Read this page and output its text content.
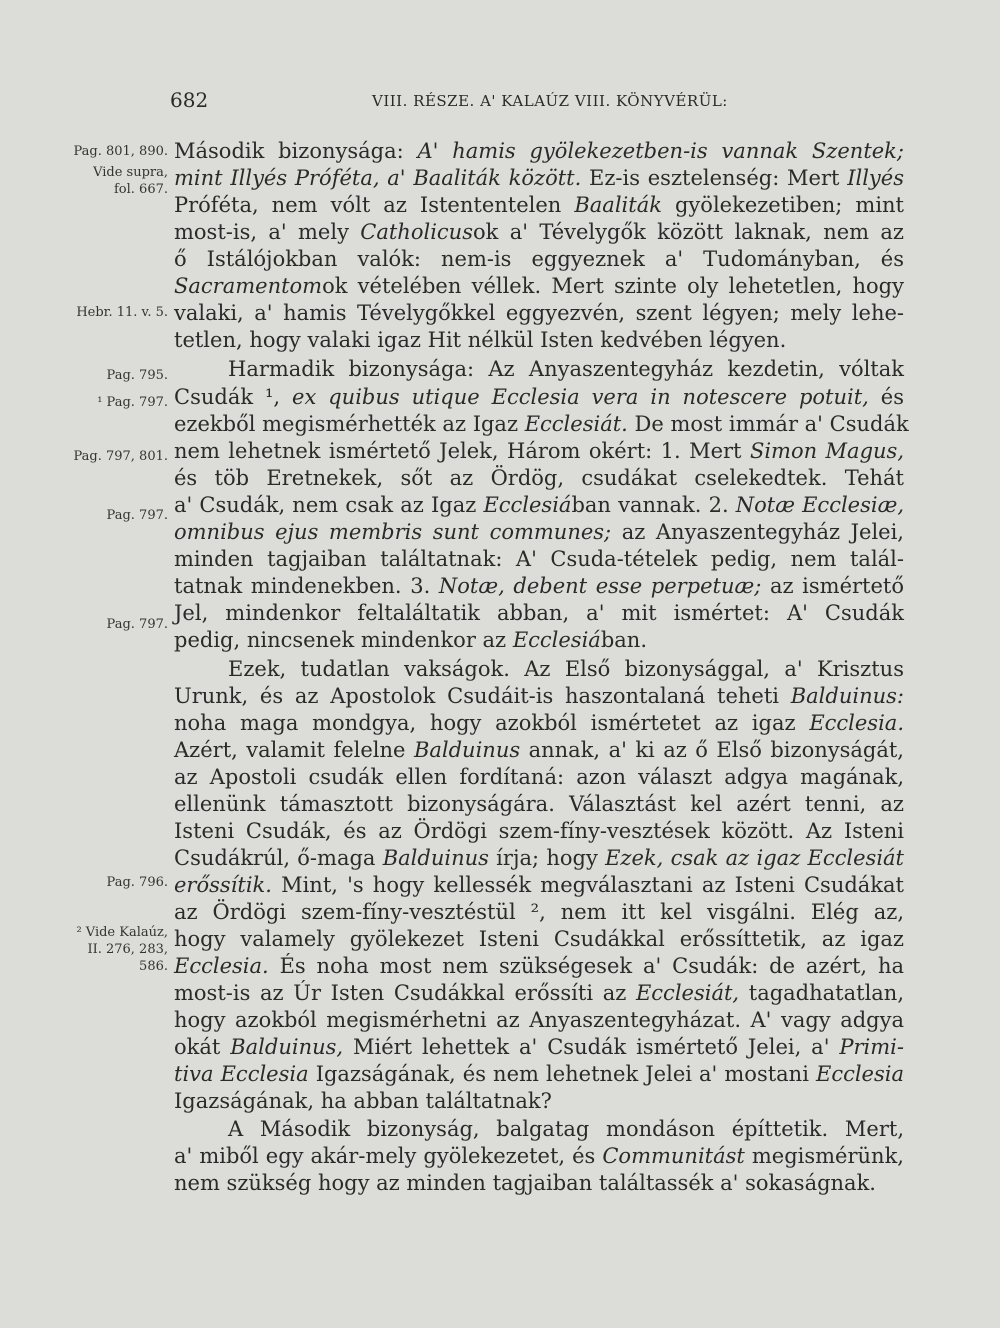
682	VIII. RÉSZE. A' KALAÚZ VIII. KÖNYVÉRÜL:
Pag. 801, 890.
Vide supra,
fol. 667.
Hebr. 11. v. 5.
Pag. 795.
¹ Pag. 797.
Pag. 797, 801.
Pag. 797.
Pag. 797.
Pag. 796.
² Vide Kalaúz,
II. 276, 283,
586.
Második bizonysága: A' hamis gyölekezetben-is vannak Szentek;
mint Illyés Próféta, a' Baaliták között. Ez-is esztelenség: Mert Illyés
Próféta, nem vólt az Istententelen Baaliták gyölekezetiben; mint
most-is, a' mely Catholicusok a' Tévelygők között laknak, nem az
ő Istálójokban valók: nem-is eggyeznek a' Tudományban, és
Sacramentomok vételében véllek. Mert szinte oly lehetetlen, hogy
valaki, a' hamis Tévelygőkkel eggyezvén, szent légyen; mely lehe-
tetlen, hogy valaki igaz Hit nélkül Isten kedvében légyen.
Harmadik bizonysága: Az Anyaszentegyház kezdetin, vóltak
Csudák ¹, ex quibus utique Ecclesia vera in notescere potuit, és
ezekből megismérhették az Igaz Ecclesiát. De most immár a' Csudák
nem lehetnek ismértető Jelek, Három okért: 1. Mert Simon Magus,
és töb Eretnekek, sőt az Ördög, csudákat cselekedtek. Tehát
a' Csudák, nem csak az Igaz Ecclesiában vannak. 2. Notæ Ecclesiæ,
omnibus ejus membris sunt communes; az Anyaszentegyház Jelei,
minden tagjaiban találtatnak: A' Csuda-tételek pedig, nem talál-
tatnak mindenekben. 3. Notæ, debent esse perpetuæ; az ismértető
Jel, mindenkor feltaláltatik abban, a' mit ismértet: A' Csudák
pedig, nincsenek mindenkor az Ecclesiában.
Ezek, tudatlan vakságok. Az Első bizonysággal, a' Krisztus
Urunk, és az Apostolok Csudáit-is haszontalaná teheti Balduinus:
noha maga mondgya, hogy azokból ismértetet az igaz Ecclesia.
Azért, valamit felelne Balduinus annak, a' ki az ő Első bizonyságát,
az Apostoli csudák ellen fordítaná: azon választ adgya magának,
ellenünk támasztott bizonyságára. Választást kel azért tenni, az
Isteni Csudák, és az Ördögi szem-fíny-vesztések között. Az Isteni
Csudákrúl, ő-maga Balduinus írja; hogy Ezek, csak az igaz Ecclesiát
erőssítik. Mint, 's hogy kellessék megválasztani az Isteni Csudákat
az Ördögi szem-fíny-vesztéstül ², nem itt kel visgálni. Elég az,
hogy valamely gyölekezet Isteni Csudákkal erőssíttetik, az igaz
Ecclesia. És noha most nem szükségesek a' Csudák: de azért, ha
most-is az Úr Isten Csudákkal erőssíti az Ecclesiát, tagadhatatlan,
hogy azokból megismérhetni az Anyaszentegyházat. A' vagy adgya
okát Balduinus, Miért lehettek a' Csudák ismértető Jelei, a' Primi-
tiva Ecclesia Igazságának, és nem lehetnek Jelei a' mostani Ecclesia
Igazságának, ha abban találtatnak?
A Második bizonyság, balgatag mondáson építtetik. Mert,
a' miből egy akár-mely gyölekezetet, és Communitást megismérünk,
nem szükség hogy az minden tagjaiban találtassék a' sokaságnak.
